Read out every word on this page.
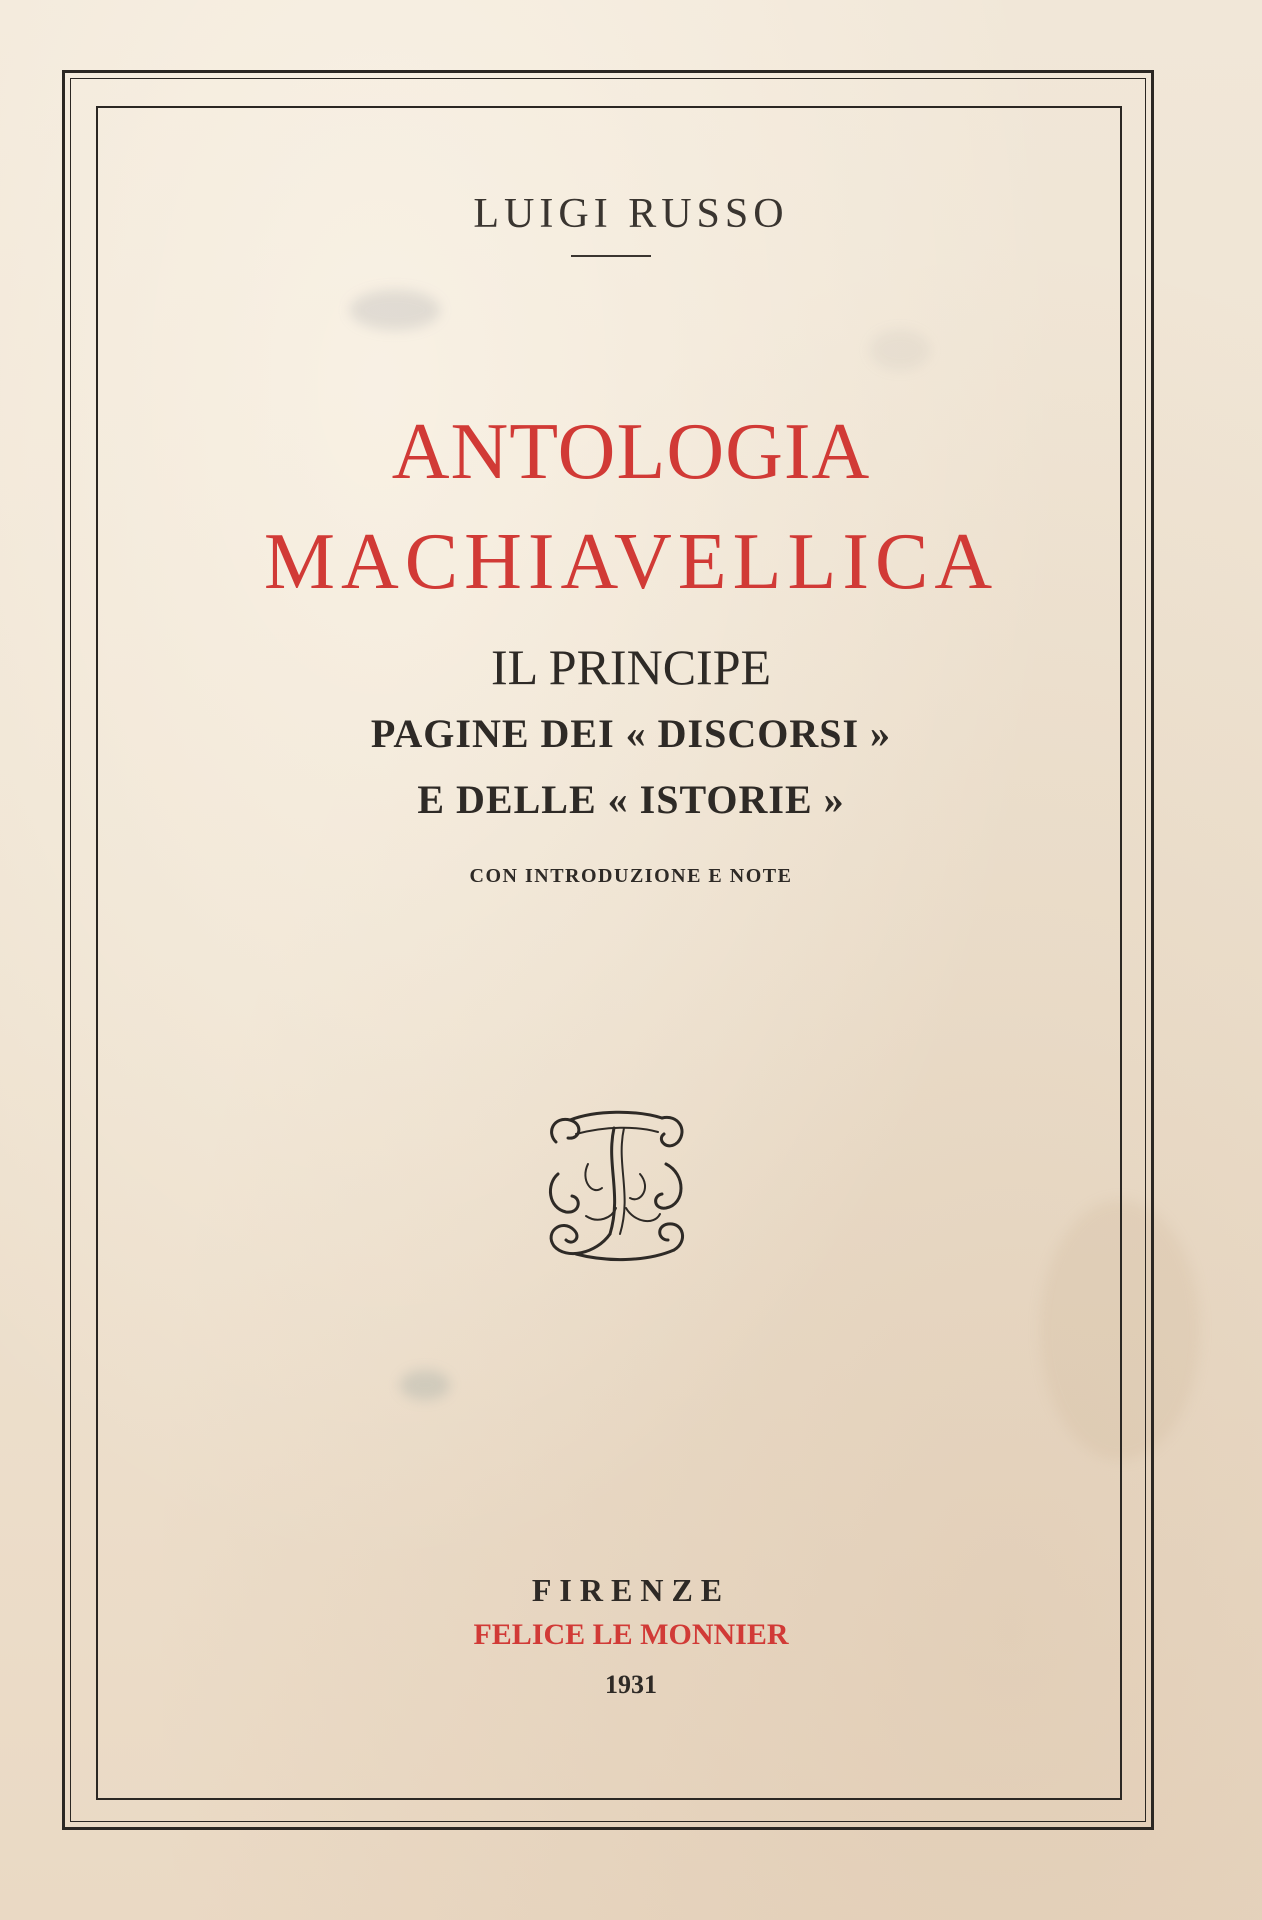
LUIGI RUSSO
ANTOLOGIA
MACHIAVELLICA
IL PRINCIPE
PAGINE DEI « DISCORSI »
E DELLE « ISTORIE »
CON INTRODUZIONE E NOTE
FIRENZE
FELICE LE MONNIER
1931
